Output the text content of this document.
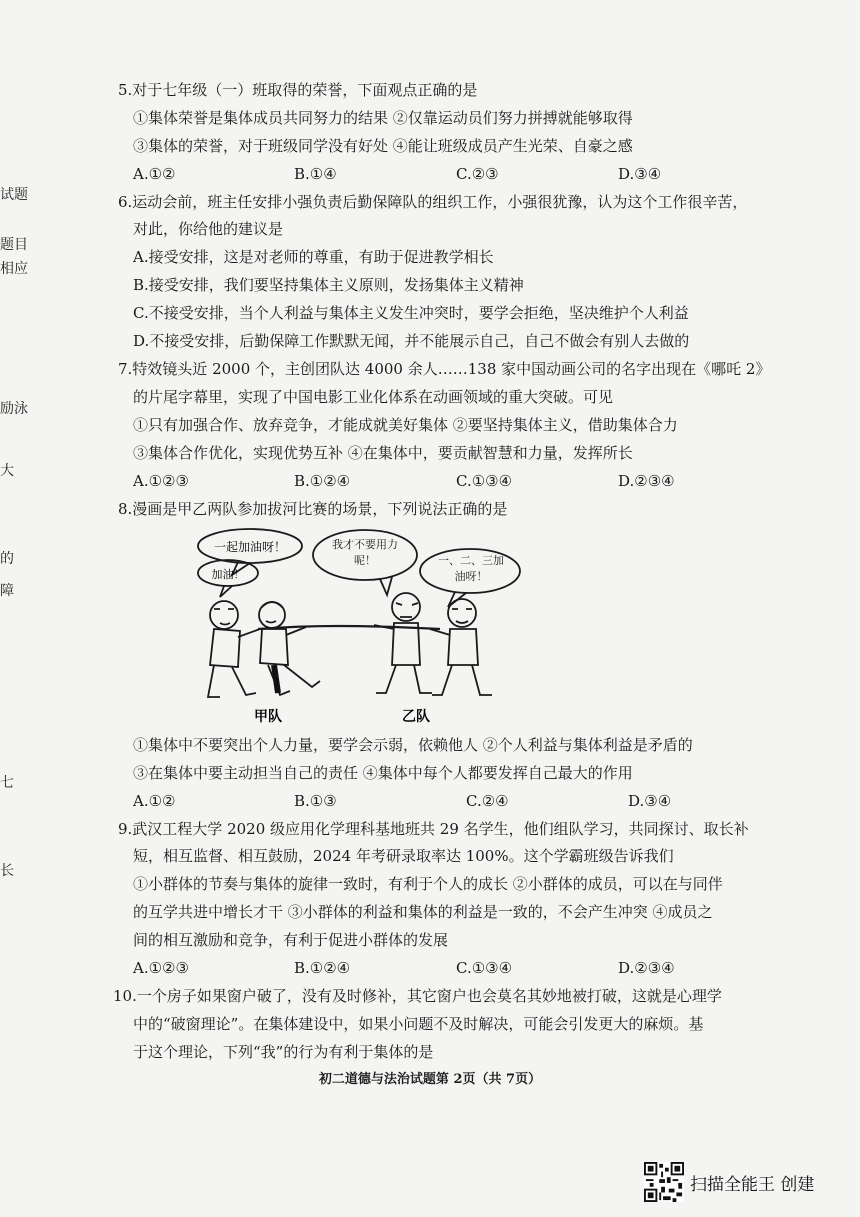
试题
题目
相应
励泳
大
的
障
七
长
5.对于七年级（一）班取得的荣誉，下面观点正确的是
①集体荣誉是集体成员共同努力的结果 ②仅靠运动员们努力拼搏就能够取得
③集体的荣誉，对于班级同学没有好处 ④能让班级成员产生光荣、自豪之感
A.①②	B.①④	C.②③	D.③④
6.运动会前，班主任安排小强负责后勤保障队的组织工作，小强很犹豫，认为这个工作很辛苦，
对此，你给他的建议是
A.接受安排，这是对老师的尊重，有助于促进教学相长
B.接受安排，我们要坚持集体主义原则，发扬集体主义精神
C.不接受安排，当个人利益与集体主义发生冲突时，要学会拒绝，坚决维护个人利益
D.不接受安排，后勤保障工作默默无闻，并不能展示自己，自己不做会有别人去做的
7.特效镜头近 2000 个，主创团队达 4000 余人……138 家中国动画公司的名字出现在《哪吒 2》
的片尾字幕里，实现了中国电影工业化体系在动画领域的重大突破。可见
①只有加强合作、放弃竞争，才能成就美好集体 ②要坚持集体主义，借助集体合力
③集体合作优化，实现优势互补 ④在集体中，要贡献智慧和力量，发挥所长
A.①②③	B.①②④	C.①③④	D.②③④
8.漫画是甲乙两队参加拔河比赛的场景，下列说法正确的是
一起加油呀！
加油！
我才不要用力呢！	一、二、三加油呀！
甲队	乙队
①集体中不要突出个人力量，要学会示弱，依赖他人 ②个人利益与集体利益是矛盾的
③在集体中要主动担当自己的责任 ④集体中每个人都要发挥自己最大的作用
A.①②	B.①③	C.②④	D.③④
9.武汉工程大学 2020 级应用化学理科基地班共 29 名学生，他们组队学习，共同探讨、取长补
短，相互监督、相互鼓励，2024 年考研录取率达 100%。这个学霸班级告诉我们
①小群体的节奏与集体的旋律一致时，有利于个人的成长 ②小群体的成员，可以在与同伴
的互学共进中增长才干 ③小群体的利益和集体的利益是一致的，不会产生冲突 ④成员之
间的相互激励和竞争，有利于促进小群体的发展
A.①②③	B.①②④	C.①③④	D.②③④
10.一个房子如果窗户破了，没有及时修补，其它窗户也会莫名其妙地被打破，这就是心理学
中的“破窗理论”。在集体建设中，如果小问题不及时解决，可能会引发更大的麻烦。基
于这个理论，下列“我”的行为有利于集体的是
初二道德与法治试题第 2页（共 7页）
扫描全能王 创建
